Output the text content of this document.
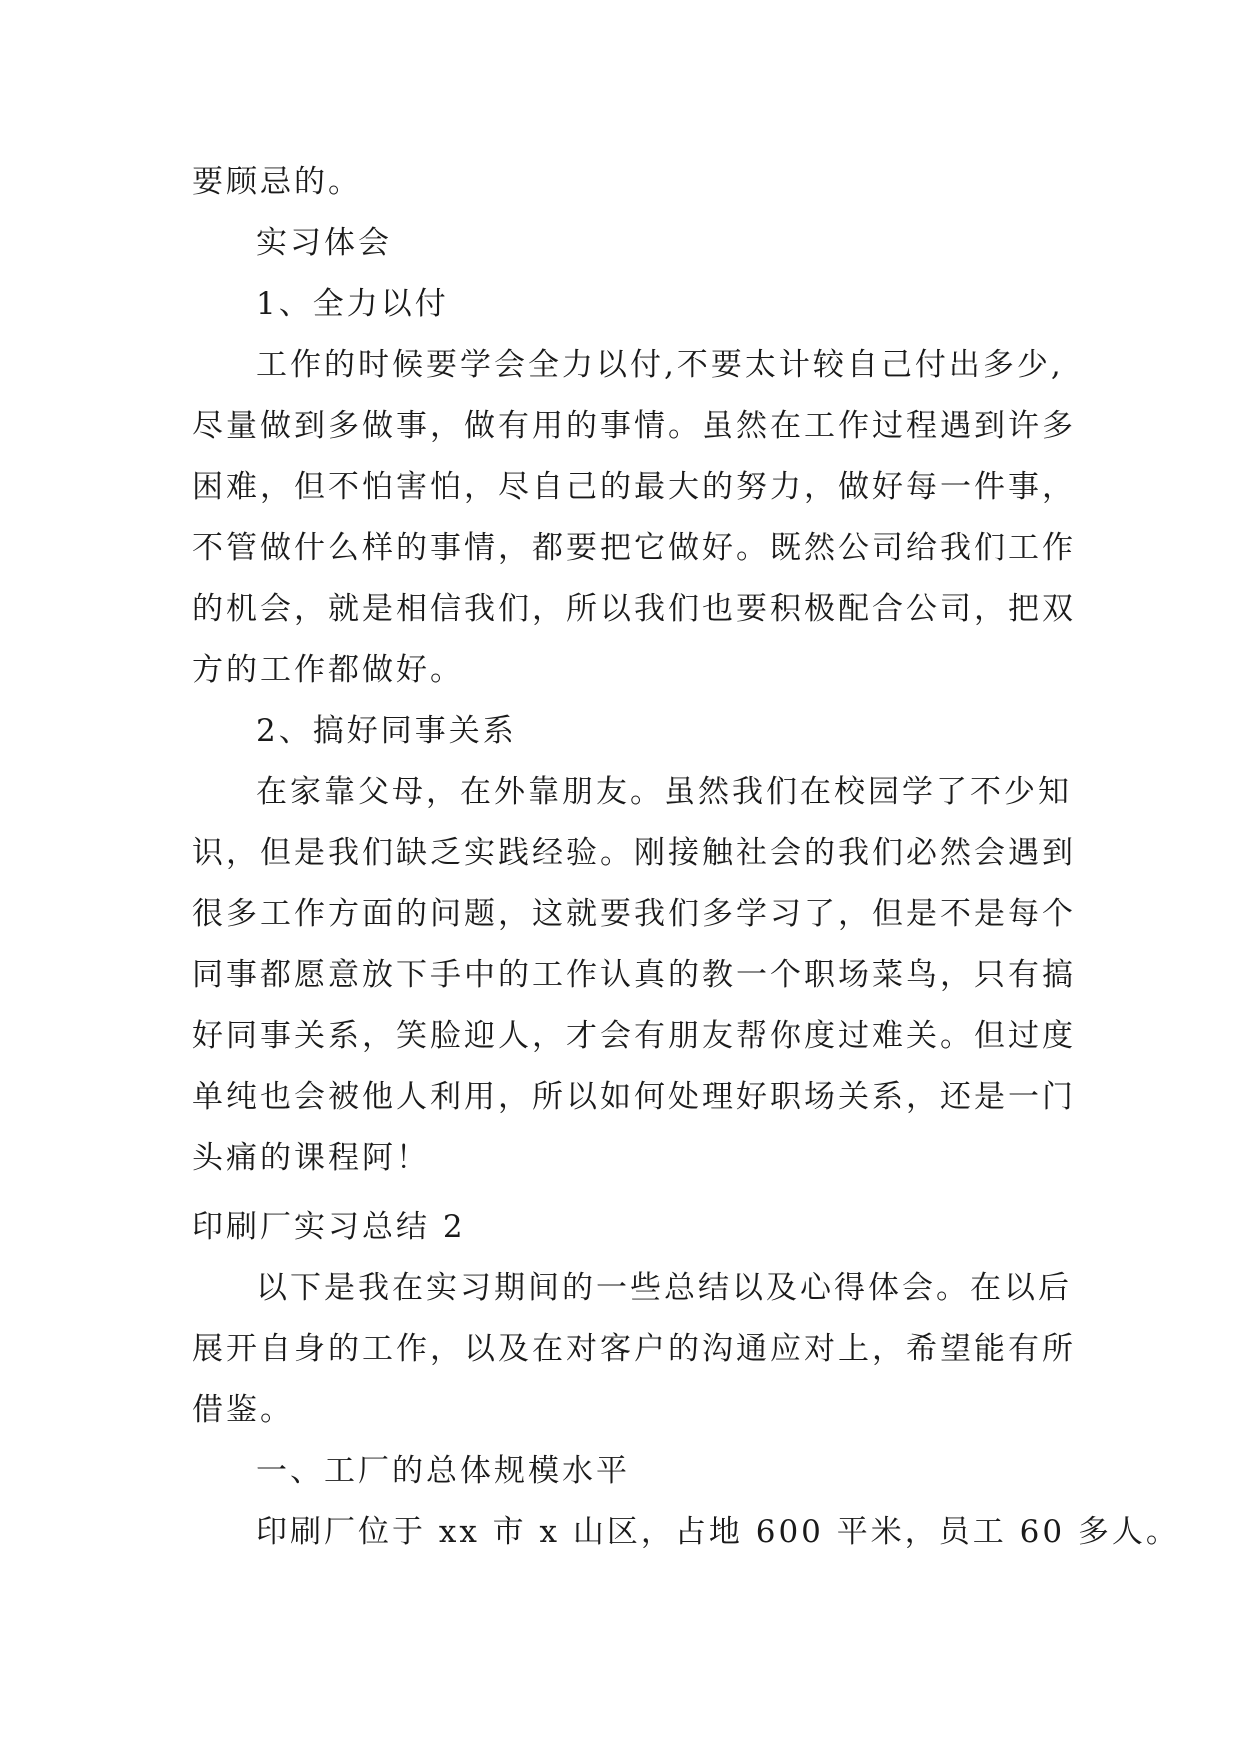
要顾忌的。
实习体会
1、全力以付
工作的时候要学会全力以付,不要太计较自己付出多少,
尽量做到多做事，做有用的事情。虽然在工作过程遇到许多
困难，但不怕害怕，尽自己的最大的努力，做好每一件事，
不管做什么样的事情，都要把它做好。既然公司给我们工作
的机会，就是相信我们，所以我们也要积极配合公司，把双
方的工作都做好。
2、搞好同事关系
在家靠父母，在外靠朋友。虽然我们在校园学了不少知
识，但是我们缺乏实践经验。刚接触社会的我们必然会遇到
很多工作方面的问题，这就要我们多学习了，但是不是每个
同事都愿意放下手中的工作认真的教一个职场菜鸟，只有搞
好同事关系，笑脸迎人，才会有朋友帮你度过难关。但过度
单纯也会被他人利用，所以如何处理好职场关系，还是一门
头痛的课程阿！
印刷厂实习总结 2
以下是我在实习期间的一些总结以及心得体会。在以后
展开自身的工作，以及在对客户的沟通应对上，希望能有所
借鉴。
一、工厂的总体规模水平
印刷厂位于 xx 市 x 山区，占地 600 平米，员工 60 多人。
